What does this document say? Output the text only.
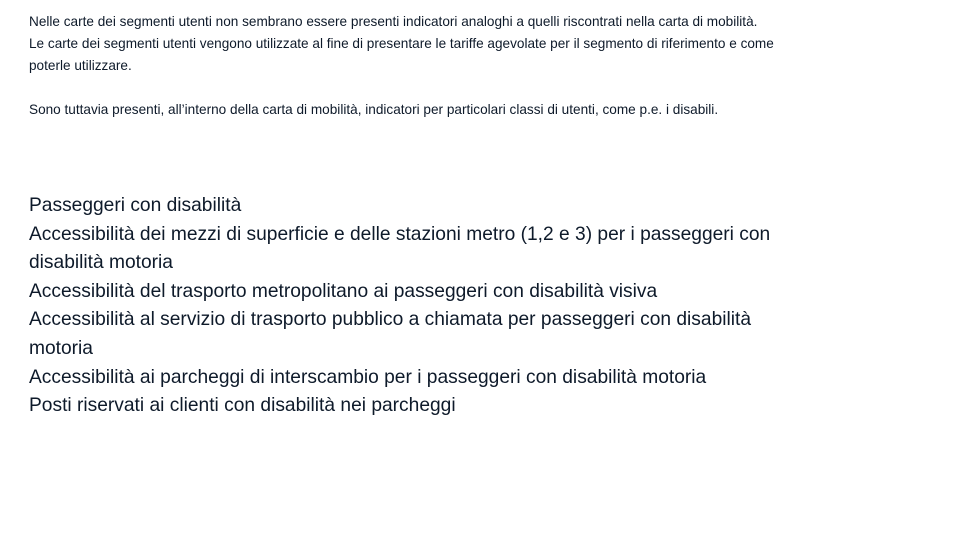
Nelle carte dei segmenti utenti non sembrano essere presenti indicatori analoghi a quelli riscontrati nella carta di mobilità.

Le carte dei segmenti utenti vengono utilizzate al fine di presentare le tariffe agevolate per il segmento di riferimento e come poterle utilizzare.

Sono tuttavia presenti, all’interno della carta di mobilità, indicatori per particolari classi di utenti, come p.e. i disabili.

Passeggeri con disabilità
Accessibilità dei mezzi di superficie e delle stazioni metro (1,2 e 3) per i passeggeri con disabilità motoria
Accessibilità del trasporto metropolitano ai passeggeri con disabilità visiva
Accessibilità al servizio di trasporto pubblico a chiamata per passeggeri con disabilità motoria
Accessibilità ai parcheggi di interscambio per i passeggeri con disabilità motoria
Posti riservati ai clienti con disabilità nei parcheggi
